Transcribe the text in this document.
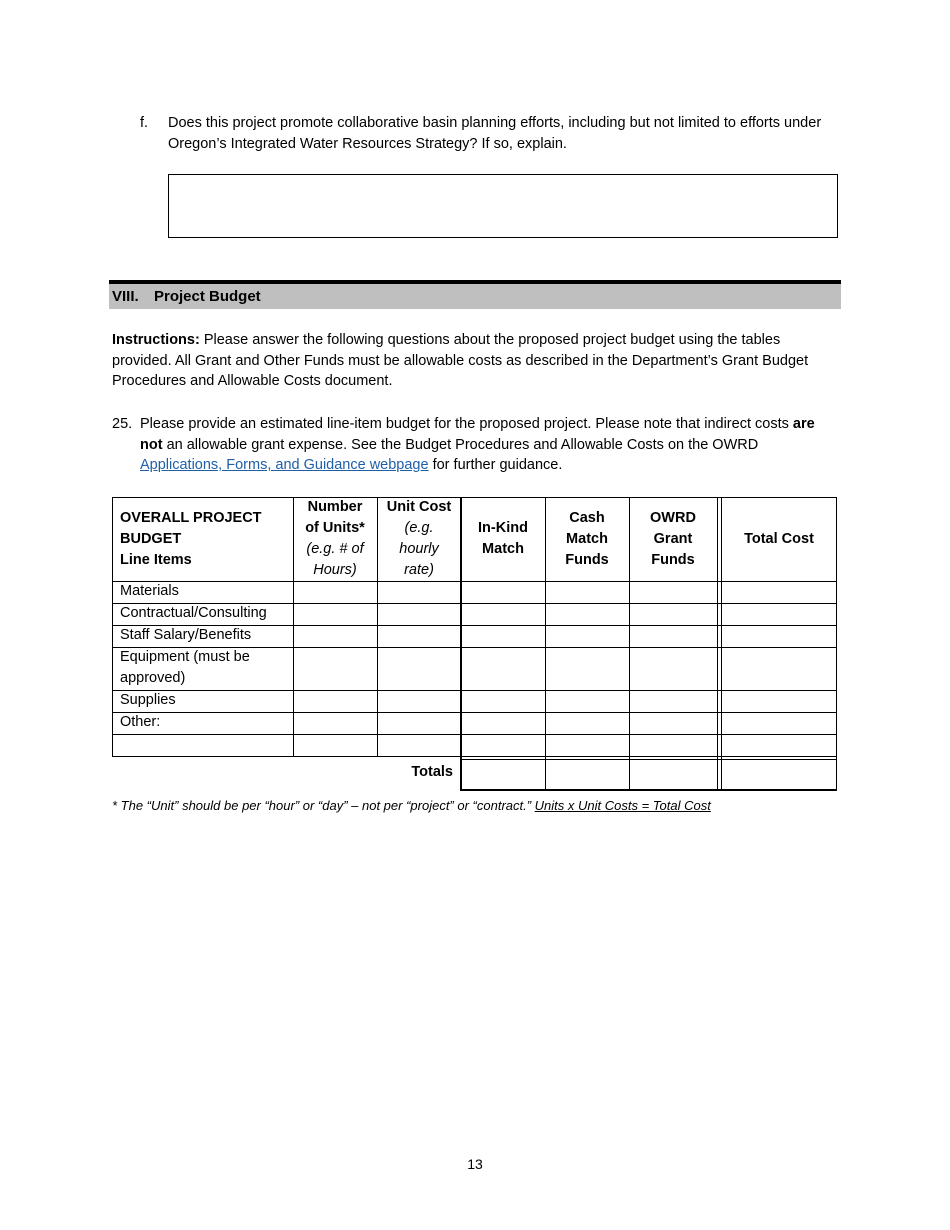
f. Does this project promote collaborative basin planning efforts, including but not limited to efforts under Oregon’s Integrated Water Resources Strategy? If so, explain.
VIII. Project Budget
Instructions: Please answer the following questions about the proposed project budget using the tables provided. All Grant and Other Funds must be allowable costs as described in the Department’s Grant Budget Procedures and Allowable Costs document.
25. Please provide an estimated line-item budget for the proposed project. Please note that indirect costs are not an allowable grant expense. See the Budget Procedures and Allowable Costs on the OWRD Applications, Forms, and Guidance webpage for further guidance.
OVERALL PROJECT
BUDGET
Line Items
Number
of Units*
(e.g. # of
Hours)
Unit Cost
(e.g.
hourly
rate)
In-Kind
Match
Cash
Match
Funds
OWRD
Grant
Funds
Total Cost
Materials
Contractual/Consulting
Staff Salary/Benefits
Equipment (must be
approved)
Supplies
Other:
Totals
* The “Unit” should be per “hour” or “day” – not per “project” or “contract.” Units x Unit Costs = Total Cost
13
